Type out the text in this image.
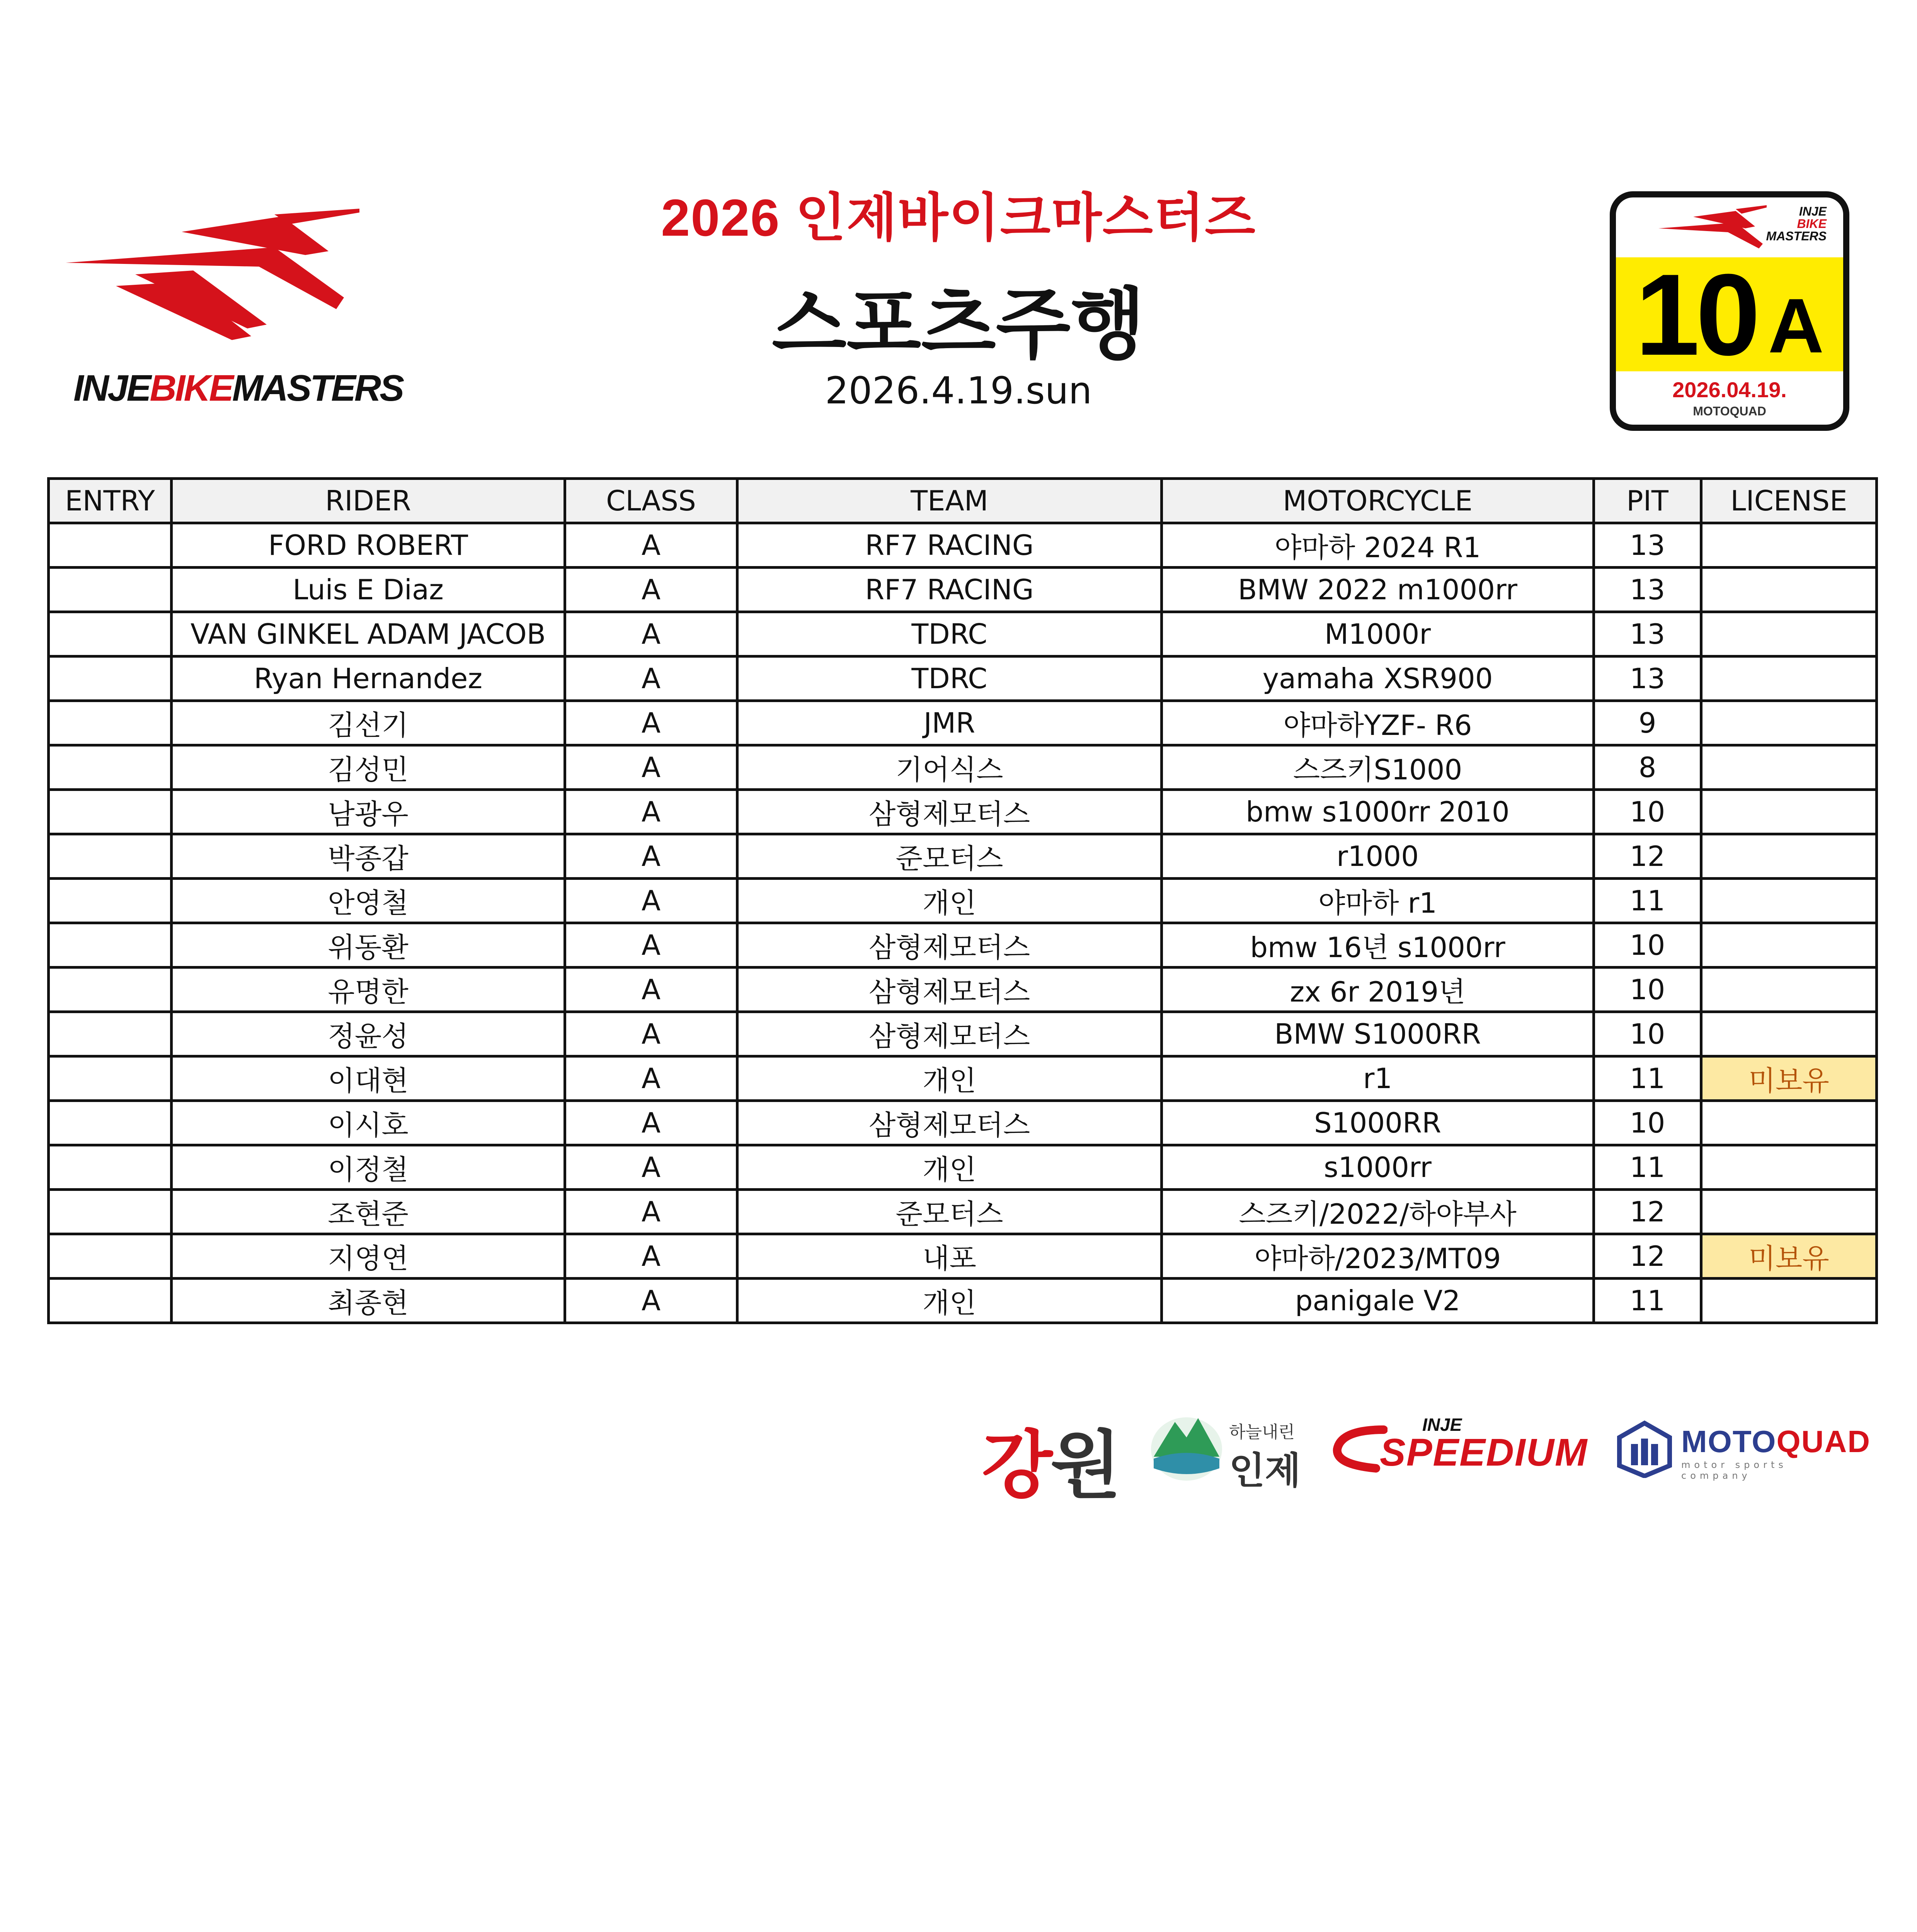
INJEBIKEMASTERS
2026 인제바이크마스터즈
스포츠주행
2026.4.19.sun
INJE
BIKE
MASTERS
10 A
2026.04.19.
MOTOQUAD
ENTRY	RIDER	CLASS	TEAM	MOTORCYCLE	PIT	LICENSE
	FORD ROBERT	A	RF7 RACING	야마하 2024 R1	13	
	Luis E Diaz	A	RF7 RACING	BMW 2022 m1000rr	13	
	VAN GINKEL ADAM JACOB	A	TDRC	M1000r	13	
	Ryan Hernandez	A	TDRC	yamaha XSR900	13	
	김선기	A	JMR	야마하YZF- R6	9	
	김성민	A	기어식스	스즈키S1000	8	
	남광우	A	삼형제모터스	bmw s1000rr 2010	10	
	박종갑	A	준모터스	r1000	12	
	안영철	A	개인	야마하 r1	11	
	위동환	A	삼형제모터스	bmw 16년 s1000rr	10	
	유명한	A	삼형제모터스	zx 6r 2019년	10	
	정윤성	A	삼형제모터스	BMW S1000RR	10	
	이대현	A	개인	r1	11	미보유
	이시호	A	삼형제모터스	S1000RR	10	
	이정철	A	개인	s1000rr	11	
	조현준	A	준모터스	스즈키/2022/하야부사	12	
	지영연	A	내포	야마하/2023/MT09	12	미보유
	최종현	A	개인	panigale V2	11	
강원	하늘내린
인제
INJE
SPEEDIUM	MOTOQUAD
motor sports company
